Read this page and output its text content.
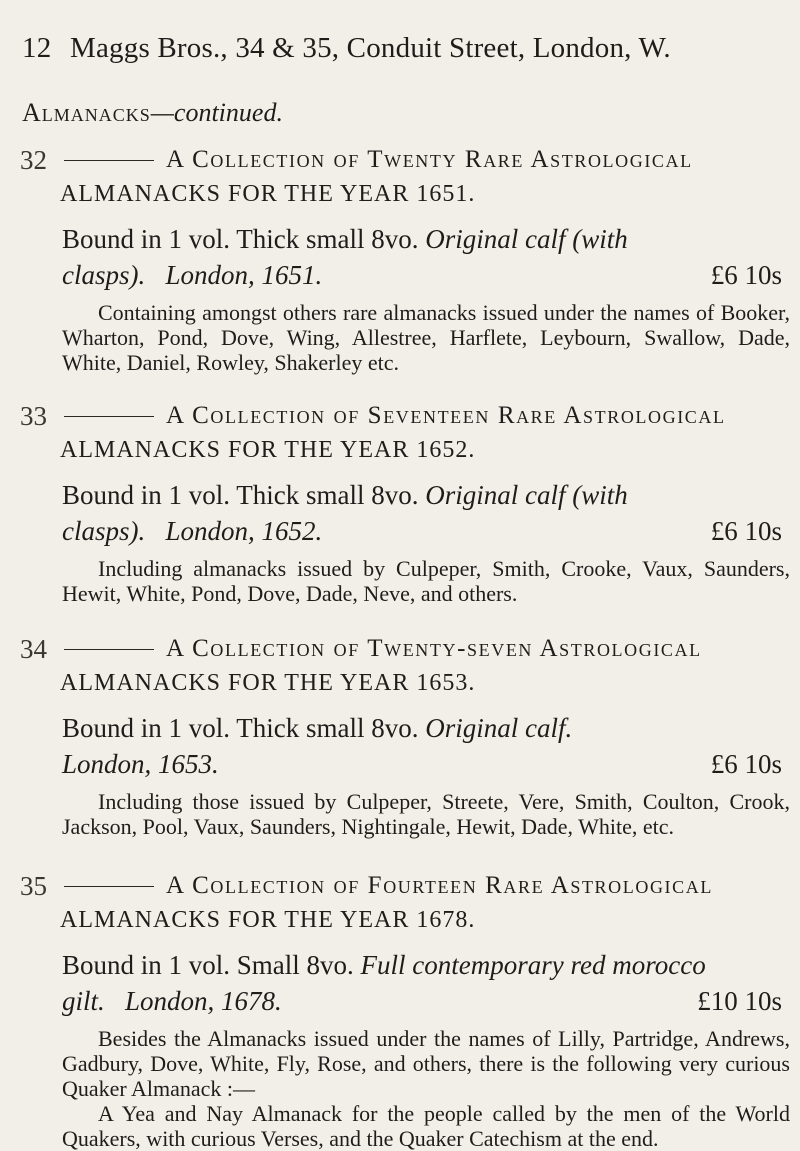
12 Maggs Bros., 34 & 35, Conduit Street, London, W.
Almanacks—continued.
32	A Collection of Twenty Rare Astrological
ALMANACKS FOR THE YEAR 1651.
Bound in 1 vol. Thick small 8vo. Original calf (with
clasps). London, 1651.	£6 10s

Containing amongst others rare almanacks issued under the names of Booker, Wharton, Pond, Dove, Wing, Allestree, Harflete, Leybourn, Swallow, Dade, White, Daniel, Rowley, Shakerley etc.

33	A Collection of Seventeen Rare Astrological
ALMANACKS FOR THE YEAR 1652.
Bound in 1 vol. Thick small 8vo. Original calf (with
clasps). London, 1652.	£6 10s

Including almanacks issued by Culpeper, Smith, Crooke, Vaux, Saunders, Hewit, White, Pond, Dove, Dade, Neve, and others.

34	A Collection of Twenty-seven Astrological
ALMANACKS FOR THE YEAR 1653.
Bound in 1 vol. Thick small 8vo. Original calf.
London, 1653.	£6 10s

Including those issued by Culpeper, Streete, Vere, Smith, Coulton, Crook, Jackson, Pool, Vaux, Saunders, Nightingale, Hewit, Dade, White, etc.

35	A Collection of Fourteen Rare Astrological
ALMANACKS FOR THE YEAR 1678.
Bound in 1 vol. Small 8vo. Full contemporary red morocco
gilt. London, 1678.	£10 10s

Besides the Almanacks issued under the names of Lilly, Partridge, Andrews, Gadbury, Dove, White, Fly, Rose, and others, there is the following very curious Quaker Almanack :—

A Yea and Nay Almanack for the people called by the men of the World Quakers, with curious Verses, and the Quaker Catechism at the end.
